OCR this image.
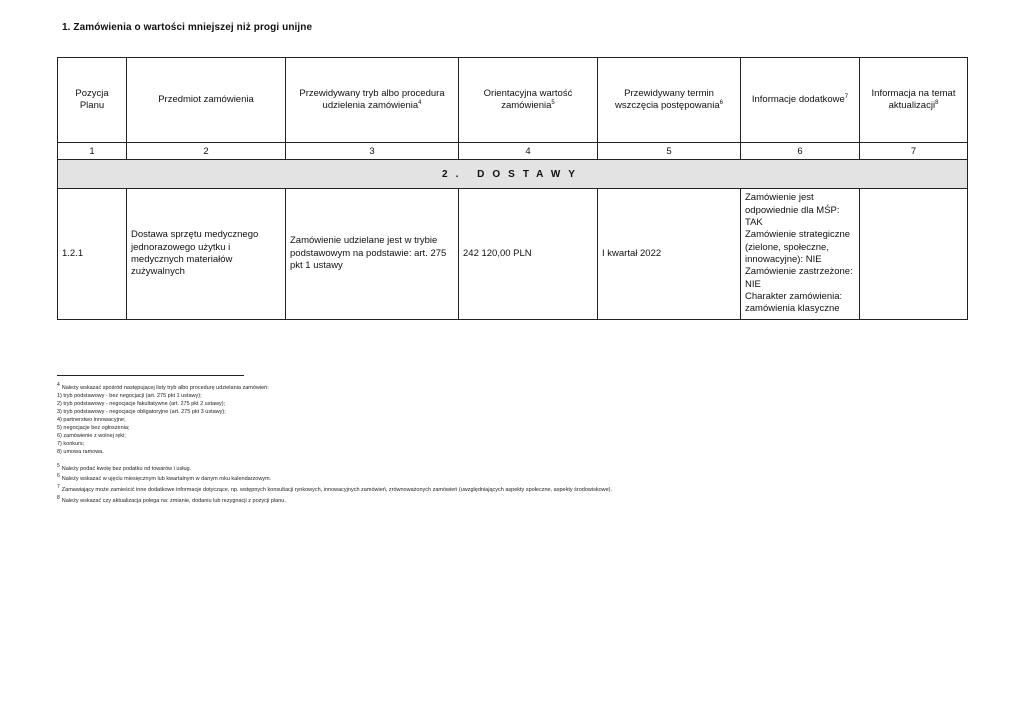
1. Zamówienia o wartości mniejszej niż progi unijne
Pozycja Planu	Przedmiot zamówienia	Przewidywany tryb albo procedura udzielenia zamówienia$^4$	Orientacyjna wartość zamówienia$^5$	Przewidywany termin wszczęcia postępowania$^6$	Informacje dodatkowe$^7$	Informacja na temat aktualizacji$^8$
1	2	3	4	5	6	7
2. DOSTAWY						
1.2.1	Dostawa sprzętu medycznego jednorazowego użytku i medycznych materiałów zużywalnych	Zamówienie udzielane jest w trybie podstawowym na podstawie: art. 275 pkt 1 ustawy	242 120,00 PLN	I kwartał 2022	Zamówienie jest odpowiednie dla MŚP: TAK
Zamówienie strategiczne (zielone, społeczne, innowacyjne): NIE
Zamówienie zastrzeżone: NIE
Charakter zamówienia: zamówienia klasyczne	

4 Należy wskazać spośród następującej listy tryb albo procedurę udzielania zamówień:

1) tryb podstawowy - bez negocjacji (art. 275 pkt 1 ustawy);

2) tryb podstawowy - negocjacje fakultatywne (art. 275 pkt 2 ustawy);

3) tryb podstawowy - negocjacje obligatoryjne (art. 275 pkt 3 ustawy);

4) partnerstwo innowacyjne;

5) negocjacje bez ogłoszenia;

6) zamówienie z wolnej ręki;

7) konkurs;

8) umowa ramowa.

5 Należy podać kwotę bez podatku od towarów i usług.

6 Należy wskazać w ujęciu miesięcznym lub kwartalnym w danym roku kalendarzowym.

7 Zamawiający może zamieścić inne dodatkowe informacje dotyczące, np. wstępnych konsultacji rynkowych, innowacyjnych zamówień, zrównoważonych zamówień (uwzględniających aspekty społeczne, aspekty środowiskowe).

8 Należy wskazać czy aktualizacja polega na: zmianie, dodaniu lub rezygnacji z pozycji planu.
